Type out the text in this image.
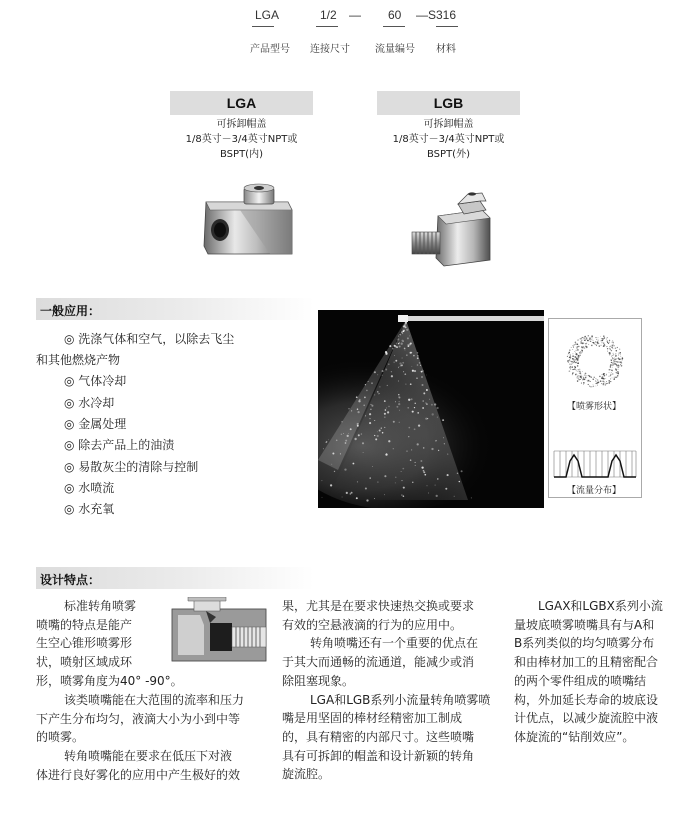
LGA	1/2 — 60 —S316
产品型号 连接尺寸	流量编号 材料
LGA
可拆卸帽盖
1/8英寸－3/4英寸NPT或
BSPT(内)
LGB
可拆卸帽盖
1/8英寸－3/4英寸NPT或
BSPT(外)
一般应用：
◎ 洗涤气体和空气，以除去飞尘
和其他燃烧产物
◎ 气体冷却
◎ 水冷却
◎ 金属处理
◎ 除去产品上的油渍
◎ 易散灰尘的清除与控制
◎ 水喷流
◎ 水充氧
【喷雾形状】
【流量分布】
设计特点：

标准转角喷雾

喷嘴的特点是能产

生空心锥形喷雾形

状，喷射区域成环

形，喷雾角度为40° -90°。

该类喷嘴能在大范围的流率和压力

下产生分布均匀，液滴大小为小到中等

的喷雾。

转角喷嘴能在要求在低压下对液

体进行良好雾化的应用中产生极好的效

果，尤其是在要求快速热交换或要求

有效的空悬液滴的行为的应用中。

转角喷嘴还有一个重要的优点在

于其大而通畅的流通道，能减少或消

除阻塞现象。

LGA和LGB系列小流量转角喷雾喷

嘴是用坚固的棒材经精密加工制成

的，具有精密的内部尺寸。这些喷嘴

具有可拆卸的帽盖和设计新颖的转角

旋流腔。

LGAX和LGBX系列小流

量坡底喷雾喷嘴具有与A和

B系列类似的均匀喷雾分布

和由棒材加工的且精密配合

的两个零件组成的喷嘴结

构，外加延长寿命的坡底设

计优点，以减少旋流腔中液

体旋流的“钻削效应”。
